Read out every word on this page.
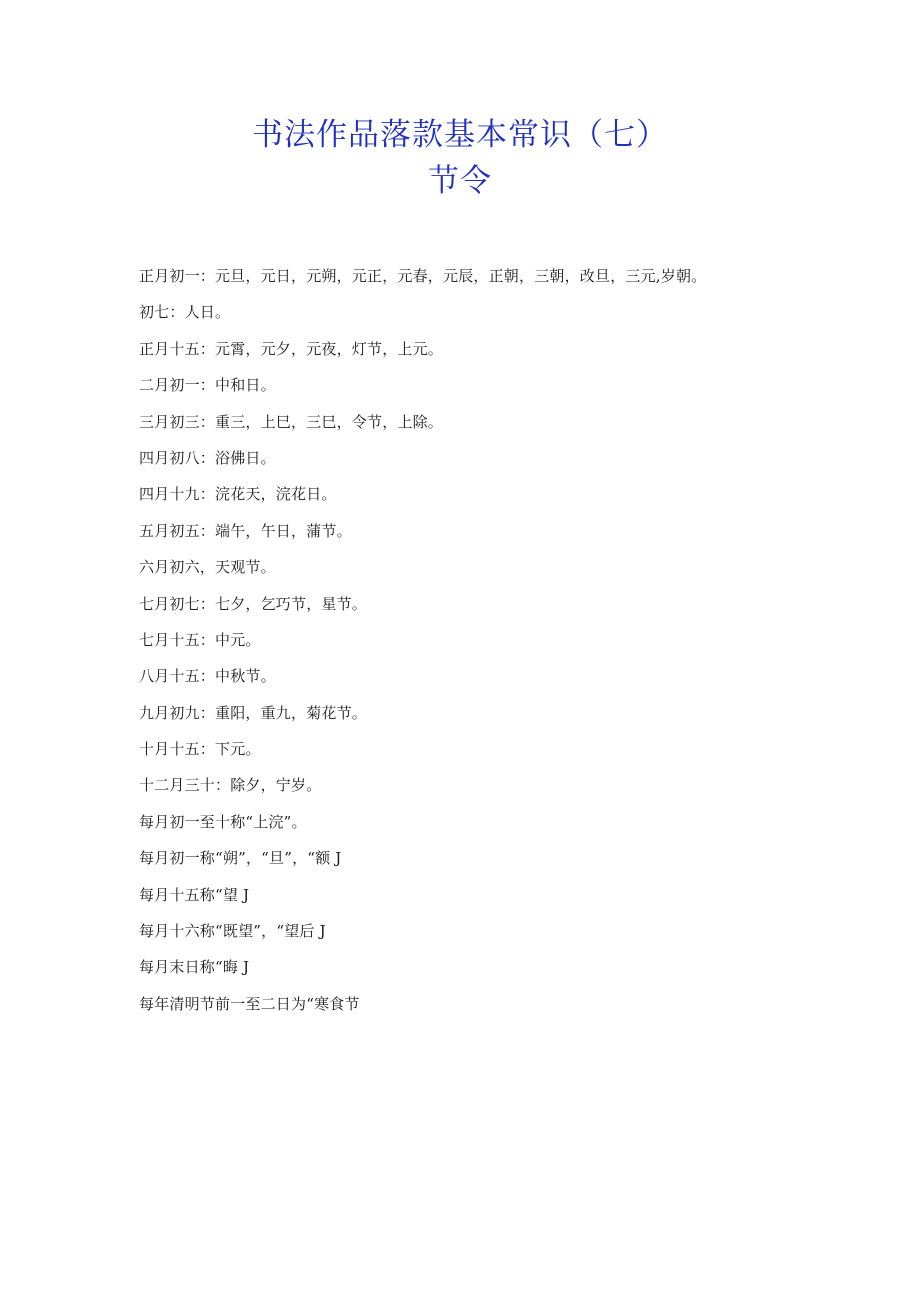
书法作品落款基本常识（七）
节令
正月初一：元旦，元日，元朔，元正，元春，元辰，正朝，三朝，改旦，三元,岁朝。
初七：人日。
正月十五：元霄，元夕，元夜，灯节，上元。
二月初一：中和日。
三月初三：重三，上巳，三巳，令节，上除。
四月初八：浴佛日。
四月十九：浣花天，浣花日。
五月初五：端午，午日，蒲节。
六月初六，天观节。
七月初七：七夕，乞巧节，星节。
七月十五：中元。
八月十五：中秋节。
九月初九：重阳，重九，菊花节。
十月十五：下元。
十二月三十：除夕，宁岁。
每月初一至十称“上浣”。
每月初一称“朔”，“旦”，“额 J
每月十五称“望 J
每月十六称“既望”，“望后 J
每月末日称“晦 J
每年清明节前一至二日为“寒食节
